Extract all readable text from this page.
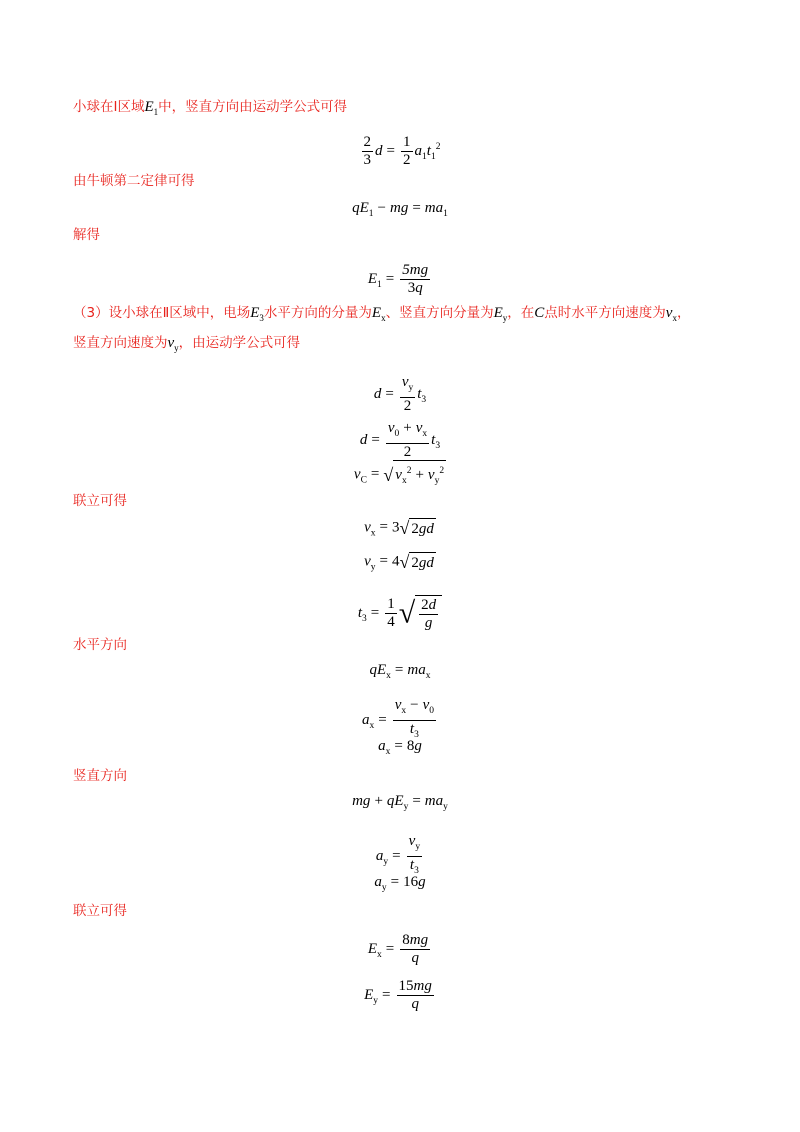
小球在Ⅰ区域$E_1$中，竖直方向由运动学公式可得
$\frac{2}{3}$ $d = \frac{1}{2} a_1t_1^2$
由牛顿第二定律可得
$qE_1$ − mg = $ma_1$
解得
$E_1 = \frac{5mg}{3q}$
（3）设小球在Ⅱ区域中，电场$E_3$水平方向的分量为$E_x$、竖直方向分量为$E_y$，在C点时水平方向速度为$v_x$，
竖直方向速度为$v_y$，由运动学公式可得
$d = \frac{v_y}{2} t_3$
$d = \frac{v_0 + v_x}{2} t_3$
$v_C$ = √ $v_x^2 + v_y^2$
联立可得
$v_x = 3√$ 2gd
$v_y = 4√$ 2gd
$t_3 = \frac{1}{4}$ √ $\frac{2d}{g}$
水平方向
$qE_x = ma_x$
$a_x = \frac{v_x - v_0}{t_3}$
$a_x = 8g$
竖直方向
mg + $qE_y = ma_y$
$a_y = \frac{v_y}{t_3}$
$a_y = 16g$
联立可得
$E_x = \frac{8mg}{q}$
$E_y = \frac{15mg}{q}$
